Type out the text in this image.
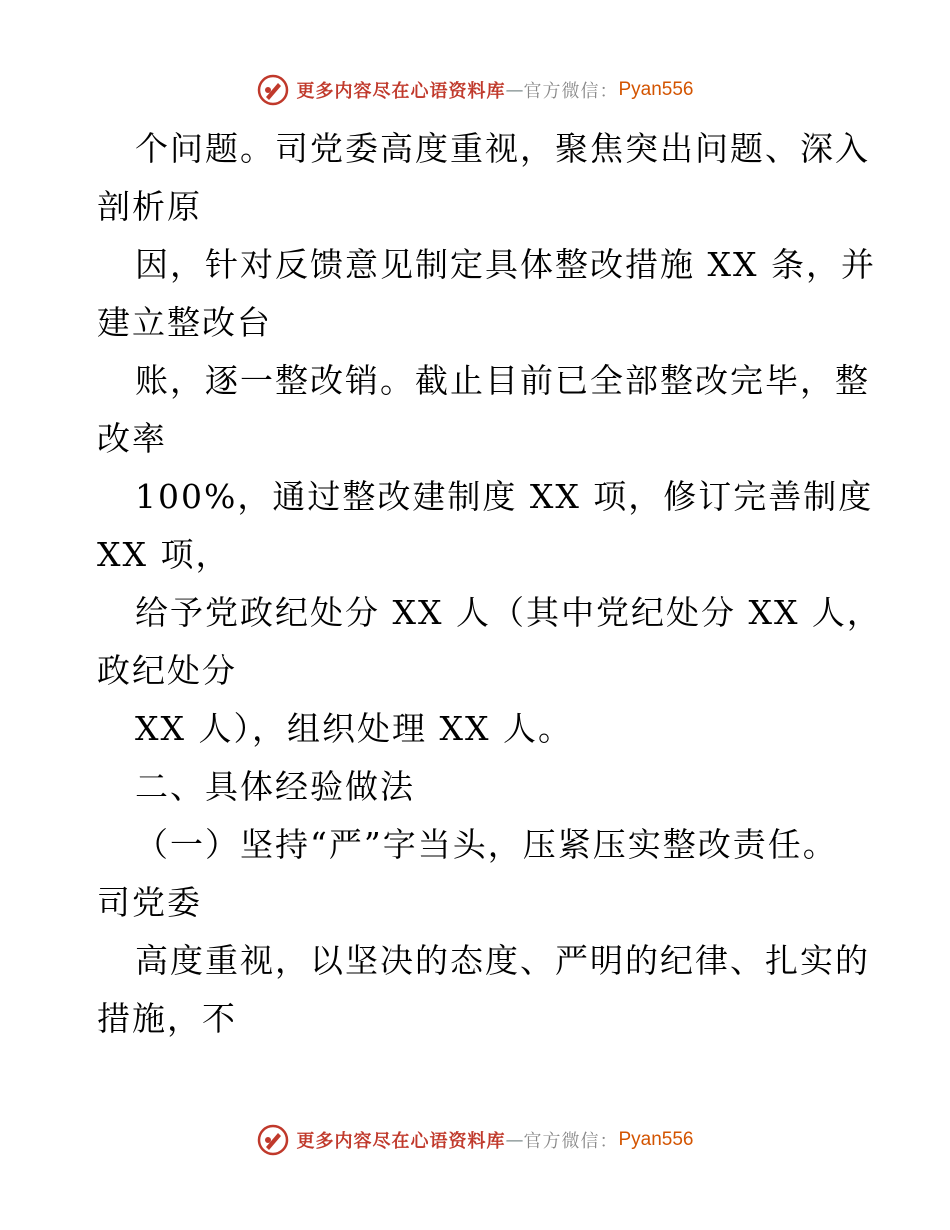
更多内容尽在心语资料库 — 官方微信： Pyan556
个问题。司党委高度重视，聚焦突出问题、深入
剖析原
因，针对反馈意见制定具体整改措施 XX 条，并
建立整改台
账，逐一整改销。截止目前已全部整改完毕，整
改率
100%，通过整改建制度 XX 项，修订完善制度
XX 项，
给予党政纪处分 XX 人（其中党纪处分 XX 人，
政纪处分
XX 人），组织处理 XX 人。
二、具体经验做法
（一）坚持“严”字当头，压紧压实整改责任。
司党委
高度重视，以坚决的态度、严明的纪律、扎实的
措施，不
更多内容尽在心语资料库 — 官方微信： Pyan556
